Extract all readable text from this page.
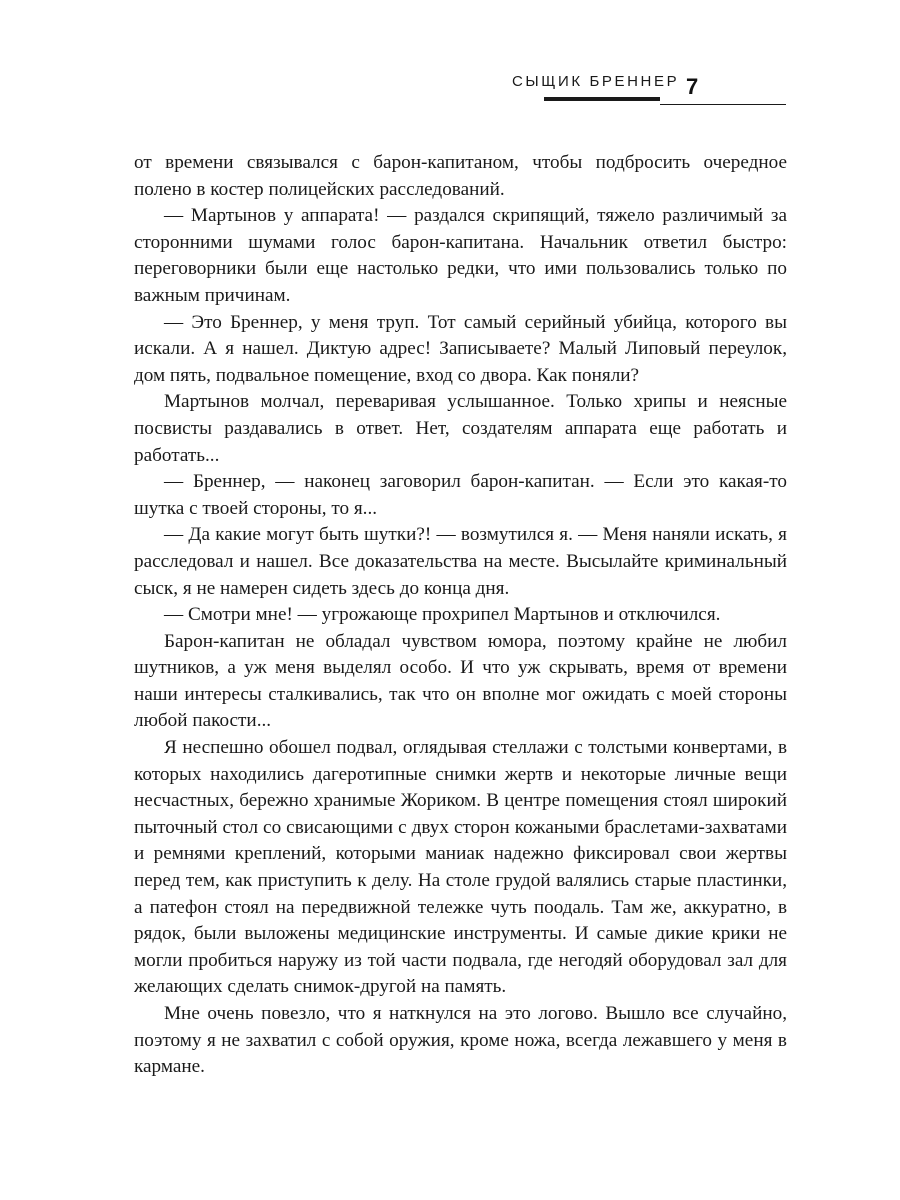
СЫЩИК БРЕННЕР 7

от времени связывался с барон-капитаном, чтобы подбросить очередное полено в костер полицейских расследований.

— Мартынов у аппарата! — раздался скрипящий, тяжело различимый за сторонними шумами голос барон-капитана. Начальник ответил быстро: переговорники были еще настолько редки, что ими пользовались только по важным причинам.

— Это Бреннер, у меня труп. Тот самый серийный убийца, которого вы искали. А я нашел. Диктую адрес! Записываете? Малый Липовый переулок, дом пять, подвальное помещение, вход со двора. Как поняли?

Мартынов молчал, переваривая услышанное. Только хрипы и неясные посвисты раздавались в ответ. Нет, создателям аппарата еще работать и работать...

— Бреннер, — наконец заговорил барон-капитан. — Если это какая-то шутка с твоей стороны, то я...

— Да какие могут быть шутки?! — возмутился я. — Меня наняли искать, я расследовал и нашел. Все доказательства на месте. Высылайте криминальный сыск, я не намерен сидеть здесь до конца дня.

— Смотри мне! — угрожающе прохрипел Мартынов и отключился.

Барон-капитан не обладал чувством юмора, поэтому крайне не любил шутников, а уж меня выделял особо. И что уж скрывать, время от времени наши интересы сталкивались, так что он вполне мог ожидать с моей стороны любой пакости...

Я неспешно обошел подвал, оглядывая стеллажи с толстыми конвертами, в которых находились дагеротипные снимки жертв и некоторые личные вещи несчастных, бережно хранимые Жориком. В центре помещения стоял широкий пыточный стол со свисающими с двух сторон кожаными браслетами-захватами и ремнями креплений, которыми маниак надежно фиксировал свои жертвы перед тем, как приступить к делу. На столе грудой валялись старые пластинки, а патефон стоял на передвижной тележке чуть поодаль. Там же, аккуратно, в рядок, были выложены медицинские инструменты. И самые дикие крики не могли пробиться наружу из той части подвала, где негодяй оборудовал зал для желающих сделать снимок-другой на память.

Мне очень повезло, что я наткнулся на это логово. Вышло все случайно, поэтому я не захватил с собой оружия, кроме ножа, всегда лежавшего у меня в кармане.
